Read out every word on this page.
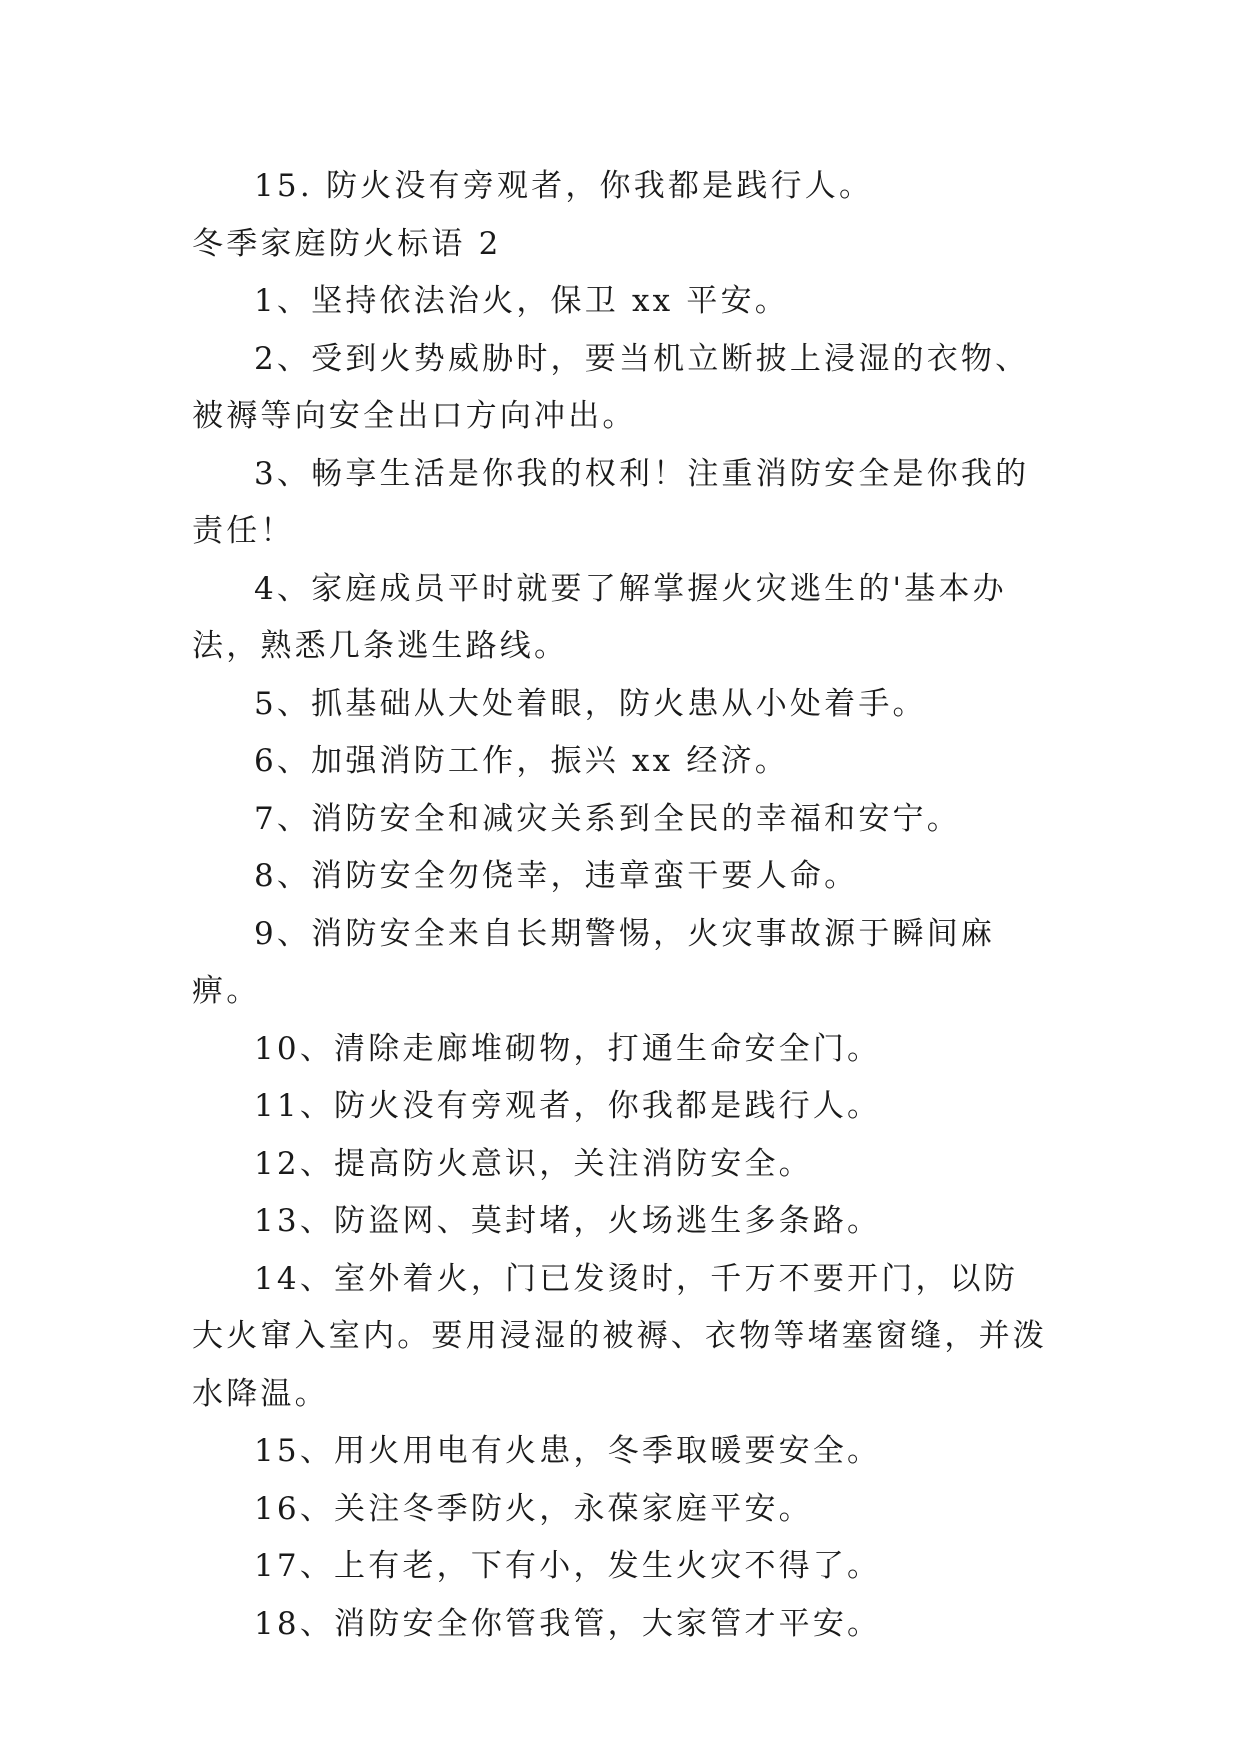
15. 防火没有旁观者，你我都是践行人。

冬季家庭防火标语 2

1、坚持依法治火，保卫 xx 平安。

2、受到火势威胁时，要当机立断披上浸湿的衣物、被褥等向安全出口方向冲出。

3、畅享生活是你我的权利！注重消防安全是你我的责任！

4、家庭成员平时就要了解掌握火灾逃生的'基本办法，熟悉几条逃生路线。

5、抓基础从大处着眼，防火患从小处着手。

6、加强消防工作，振兴 xx 经济。

7、消防安全和减灾关系到全民的幸福和安宁。

8、消防安全勿侥幸，违章蛮干要人命。

9、消防安全来自长期警惕，火灾事故源于瞬间麻痹。

10、清除走廊堆砌物，打通生命安全门。

11、防火没有旁观者，你我都是践行人。

12、提高防火意识，关注消防安全。

13、防盗网、莫封堵，火场逃生多条路。

14、室外着火，门已发烫时，千万不要开门，以防大火窜入室内。要用浸湿的被褥、衣物等堵塞窗缝，并泼水降温。

15、用火用电有火患，冬季取暖要安全。

16、关注冬季防火，永葆家庭平安。

17、上有老，下有小，发生火灾不得了。

18、消防安全你管我管，大家管才平安。
